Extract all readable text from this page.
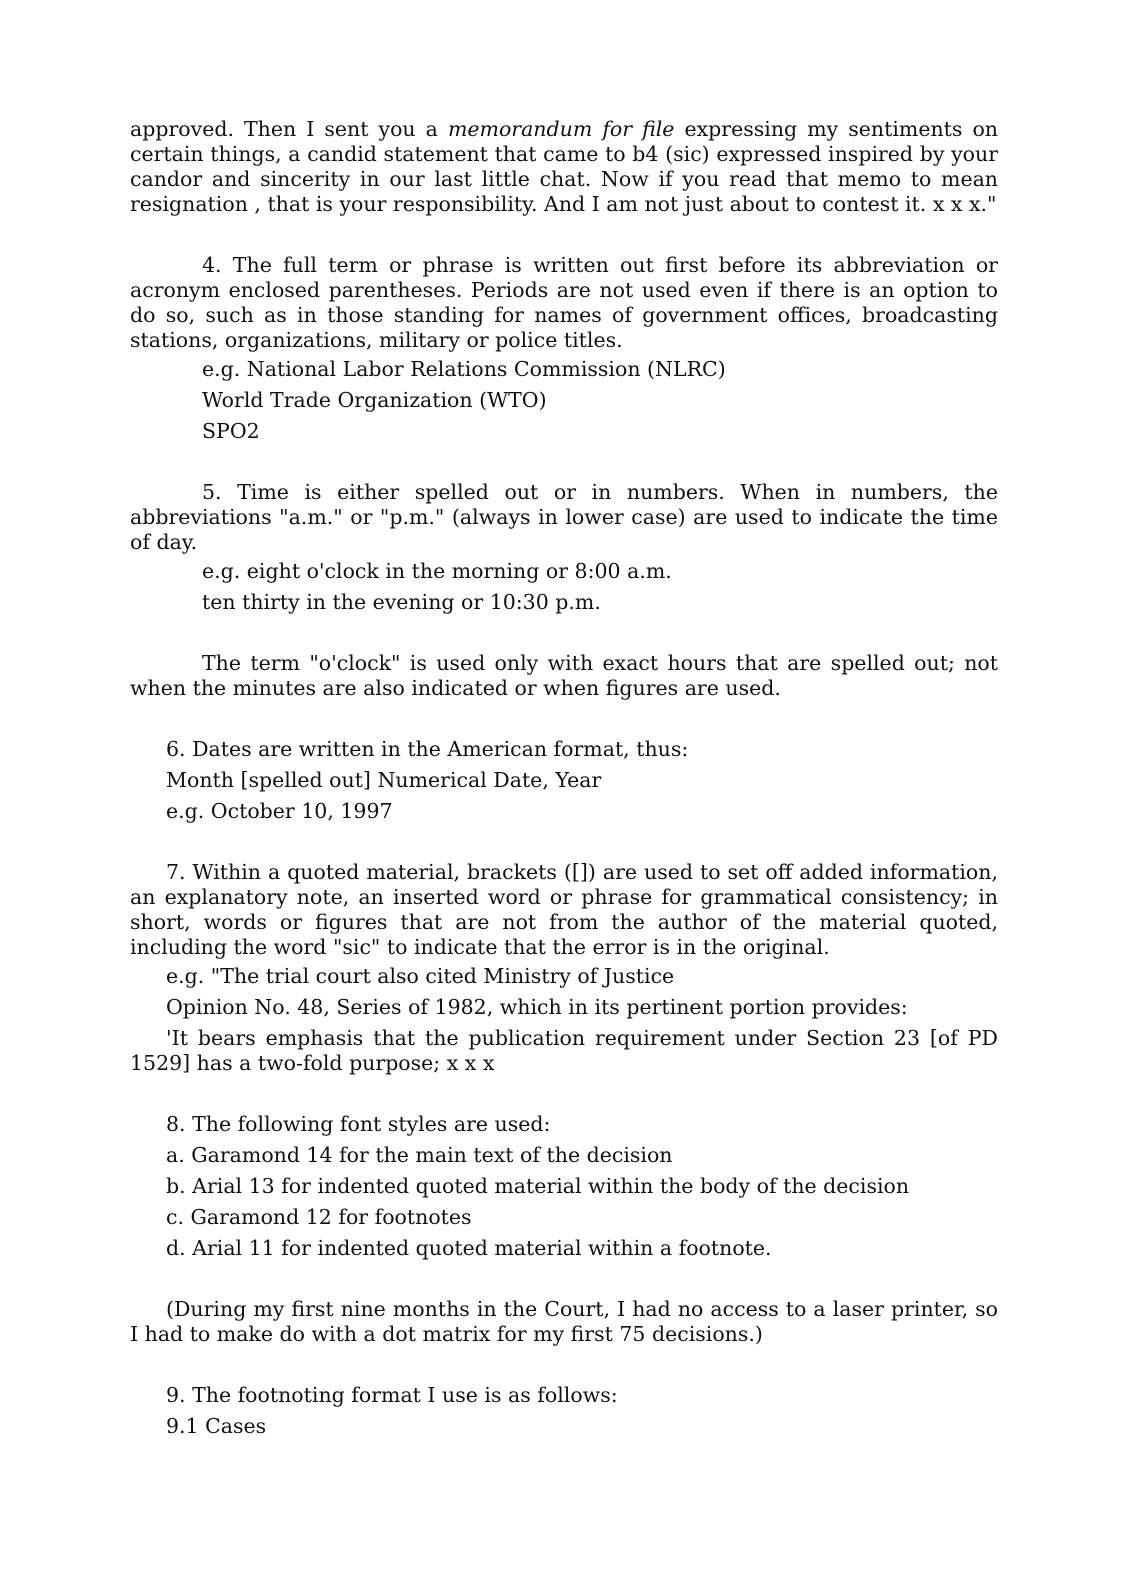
approved. Then I sent you a memorandum for file expressing my sentiments on certain things, a candid statement that came to b4 (sic) expressed inspired by your candor and sincerity in our last little chat. Now if you read that memo to mean resignation , that is your responsibility. And I am not just about to contest it. x x x."

4. The full term or phrase is written out first before its abbreviation or acronym enclosed parentheses. Periods are not used even if there is an option to do so, such as in those standing for names of government offices, broadcasting stations, organizations, military or police titles.

e.g. National Labor Relations Commission (NLRC)

World Trade Organization (WTO)

SPO2

5. Time is either spelled out or in numbers. When in numbers, the abbreviations "a.m." or "p.m." (always in lower case) are used to indicate the time of day.

e.g. eight o'clock in the morning or 8:00 a.m.

ten thirty in the evening or 10:30 p.m.

The term "o'clock" is used only with exact hours that are spelled out; not when the minutes are also indicated or when figures are used.

6. Dates are written in the American format, thus:

Month [spelled out] Numerical Date, Year

e.g. October 10, 1997

7. Within a quoted material, brackets ([]) are used to set off added information, an explanatory note, an inserted word or phrase for grammatical consistency; in short, words or figures that are not from the author of the material quoted, including the word "sic" to indicate that the error is in the original.

e.g. "The trial court also cited Ministry of Justice

Opinion No. 48, Series of 1982, which in its pertinent portion provides:

'It bears emphasis that the publication requirement under Section 23 [of PD 1529] has a two-fold purpose; x x x

8. The following font styles are used:

a. Garamond 14 for the main text of the decision

b. Arial 13 for indented quoted material within the body of the decision

c. Garamond 12 for footnotes

d. Arial 11 for indented quoted material within a footnote.

(During my first nine months in the Court, I had no access to a laser printer, so I had to make do with a dot matrix for my first 75 decisions.)

9. The footnoting format I use is as follows:

9.1 Cases
